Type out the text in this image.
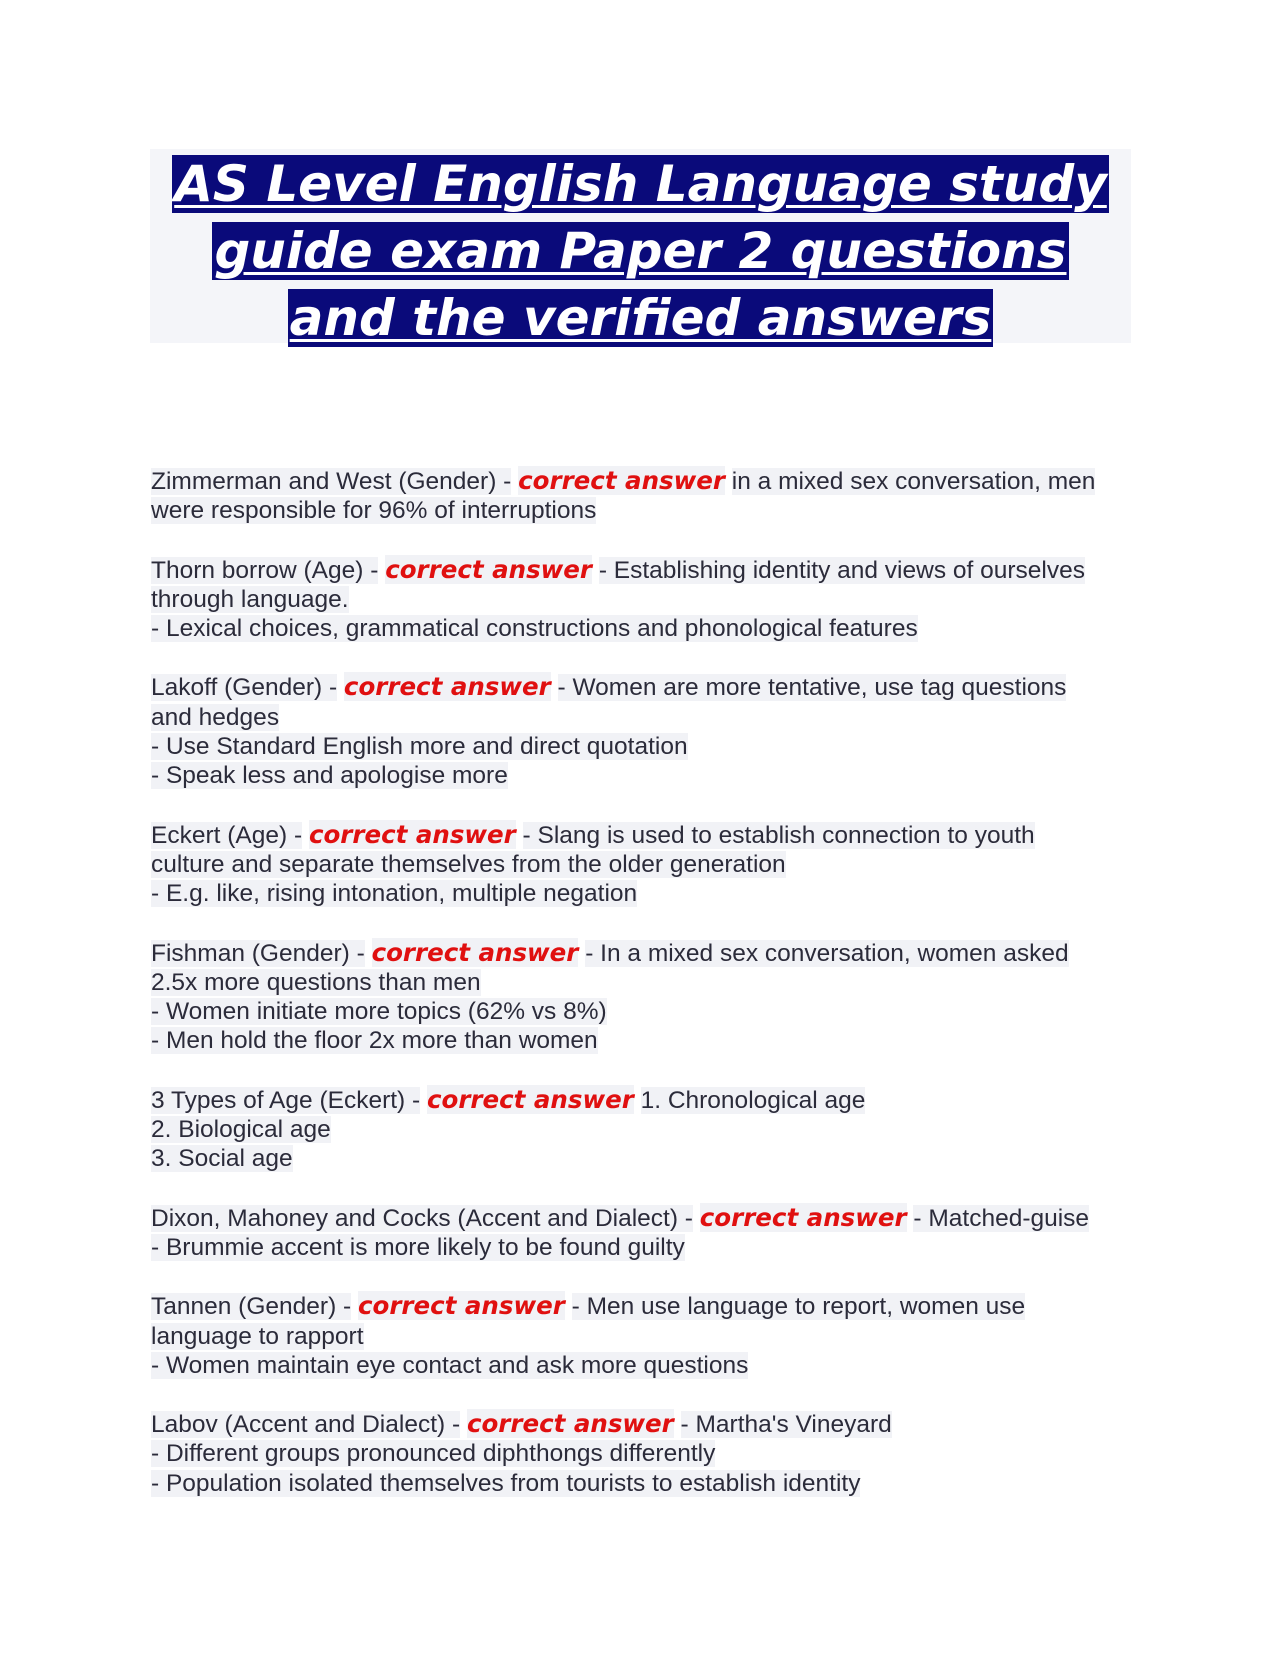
AS Level English Language study
guide exam Paper 2 questions
and the verified answers
Zimmerman and West (Gender) - correct answer in a mixed sex conversation, men
were responsible for 96% of interruptions
Thorn borrow (Age) - correct answer - Establishing identity and views of ourselves
through language.
- Lexical choices, grammatical constructions and phonological features
Lakoff (Gender) - correct answer - Women are more tentative, use tag questions
and hedges
- Use Standard English more and direct quotation
- Speak less and apologise more
Eckert (Age) - correct answer - Slang is used to establish connection to youth
culture and separate themselves from the older generation
- E.g. like, rising intonation, multiple negation
Fishman (Gender) - correct answer - In a mixed sex conversation, women asked
2.5x more questions than men
- Women initiate more topics (62% vs 8%)
- Men hold the floor 2x more than women
3 Types of Age (Eckert) - correct answer 1. Chronological age
2. Biological age
3. Social age
Dixon, Mahoney and Cocks (Accent and Dialect) - correct answer - Matched-guise
- Brummie accent is more likely to be found guilty
Tannen (Gender) - correct answer - Men use language to report, women use
language to rapport
- Women maintain eye contact and ask more questions
Labov (Accent and Dialect) - correct answer - Martha's Vineyard
- Different groups pronounced diphthongs differently
- Population isolated themselves from tourists to establish identity
